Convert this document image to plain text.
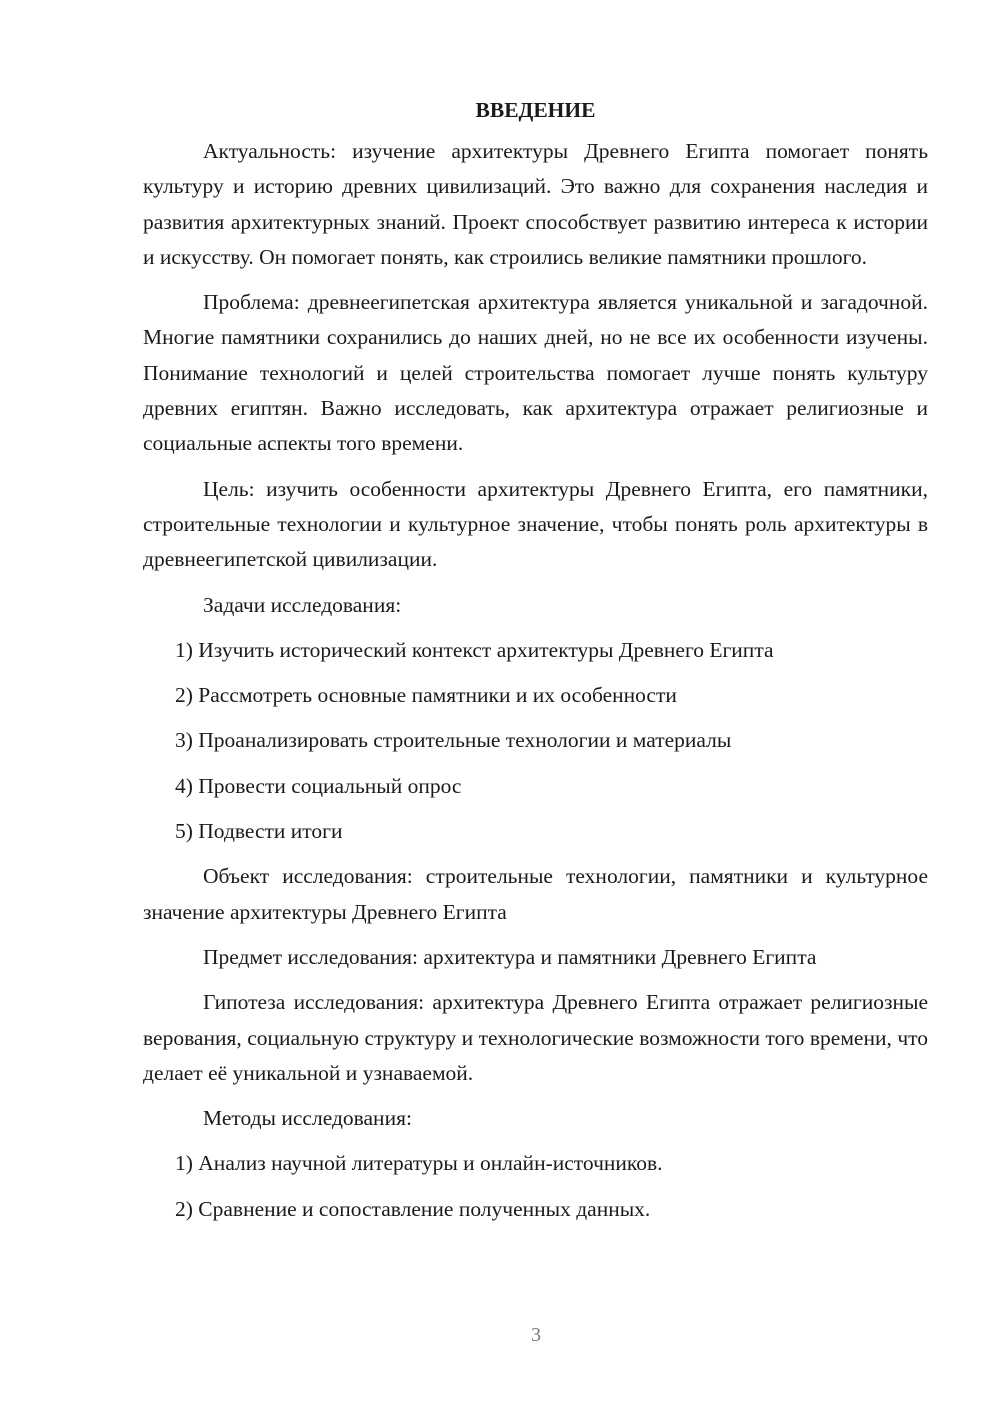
ВВЕДЕНИЕ

Актуальность: изучение архитектуры Древнего Египта помогает понять культуру и историю древних цивилизаций. Это важно для сохранения наследия и развития архитектурных знаний. Проект способствует развитию интереса к истории и искусству. Он помогает понять, как строились великие памятники прошлого.

Проблема: древнеегипетская архитектура является уникальной и загадочной. Многие памятники сохранились до наших дней, но не все их особенности изучены. Понимание технологий и целей строительства помогает лучше понять культуру древних египтян. Важно исследовать, как архитектура отражает религиозные и социальные аспекты того времени.

Цель: изучить особенности архитектуры Древнего Египта, его памятники, строительные технологии и культурное значение, чтобы понять роль архитектуры в древнеегипетской цивилизации.

Задачи исследования:

1) Изучить исторический контекст архитектуры Древнего Египта
2) Рассмотреть основные памятники и их особенности
3) Проанализировать строительные технологии и материалы
4) Провести социальный опрос
5) Подвести итоги

Объект исследования: строительные технологии, памятники и культурное значение архитектуры Древнего Египта

Предмет исследования: архитектура и памятники Древнего Египта

Гипотеза исследования: архитектура Древнего Египта отражает религиозные верования, социальную структуру и технологические возможности того времени, что делает её уникальной и узнаваемой.

Методы исследования:

1) Анализ научной литературы и онлайн-источников.
2) Сравнение и сопоставление полученных данных.
3
